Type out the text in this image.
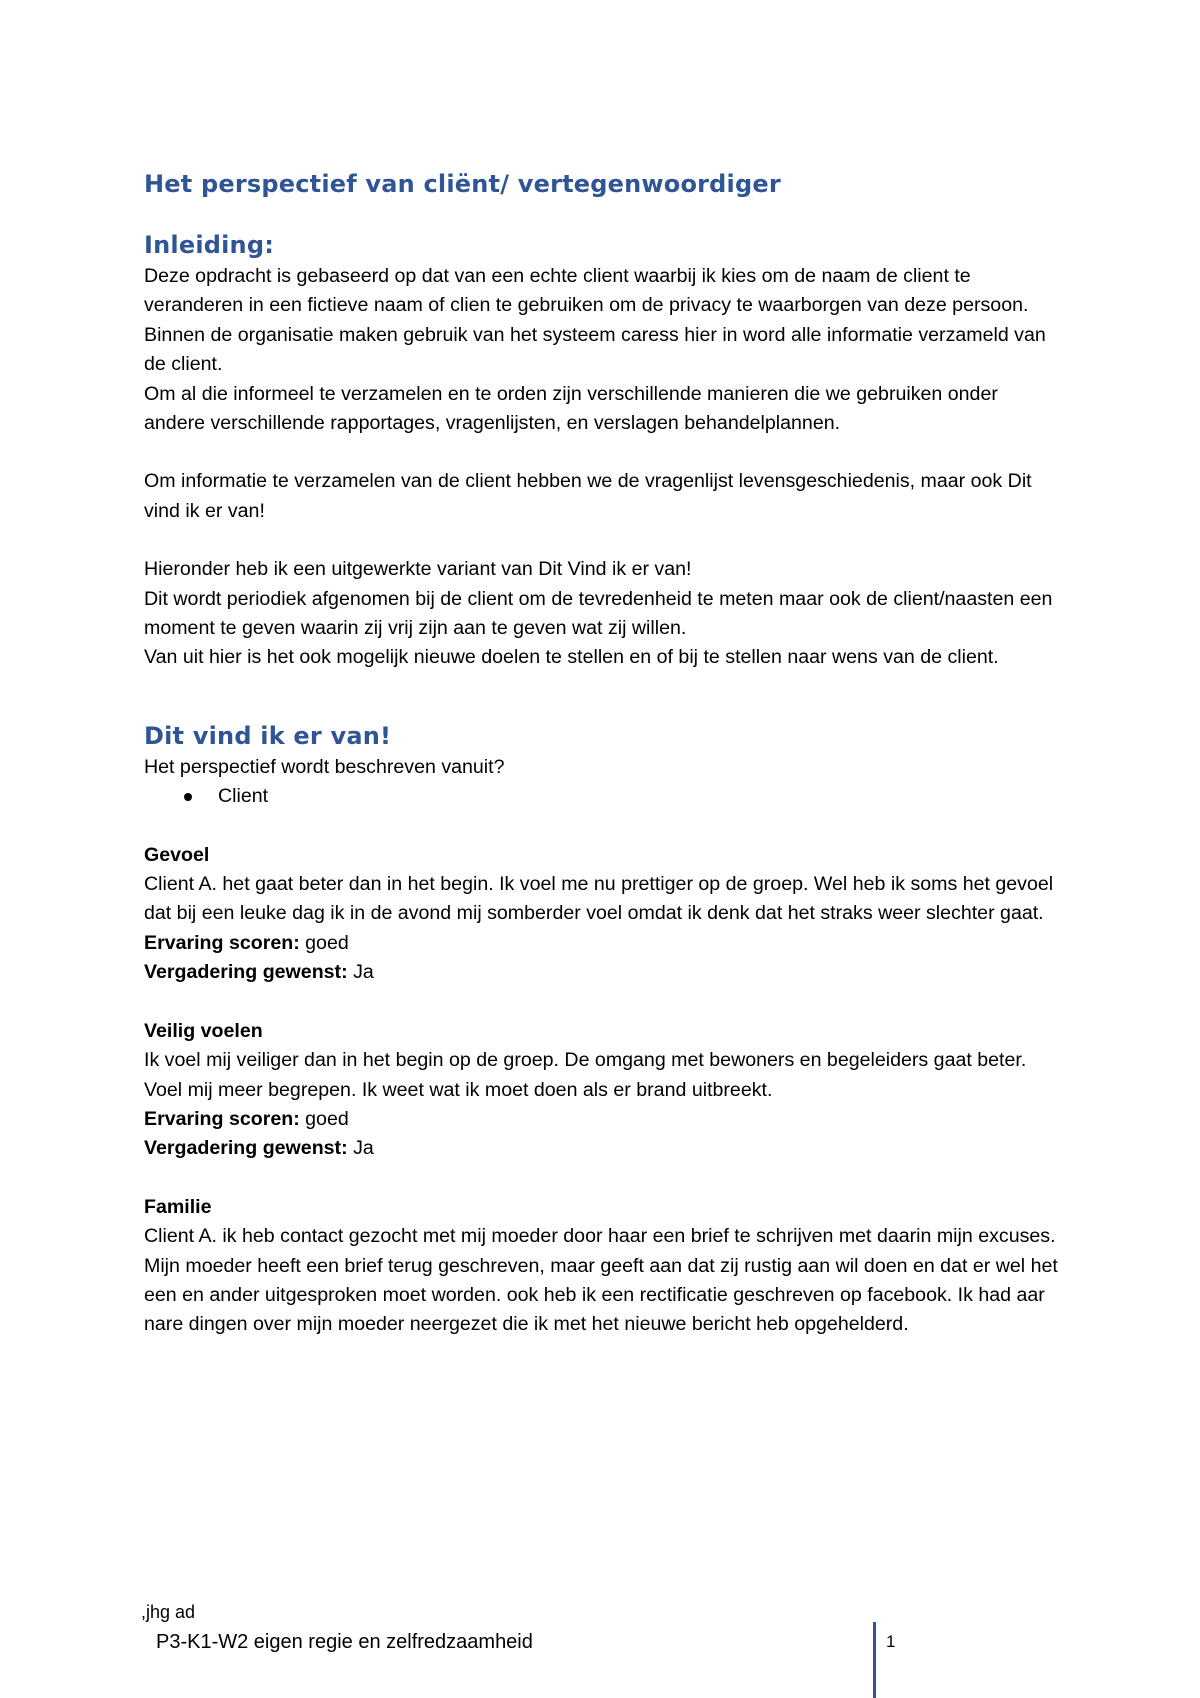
Het perspectief van cliënt/ vertegenwoordiger
Inleiding:

Deze opdracht is gebaseerd op dat van een echte client waarbij ik kies om de naam de client te veranderen in een fictieve naam of clien te gebruiken om de privacy te waarborgen van deze persoon.

Binnen de organisatie maken gebruik van het systeem caress hier in word alle informatie verzameld van de client.

Om al die informeel te verzamelen en te orden zijn verschillende manieren die we gebruiken onder andere verschillende rapportages, vragenlijsten, en verslagen behandelplannen.

Om informatie te verzamelen van de client hebben we de vragenlijst levensgeschiedenis, maar ook Dit vind ik er van!

Hieronder heb ik een uitgewerkte variant van Dit Vind ik er van!

Dit wordt periodiek afgenomen bij de client om de tevredenheid te meten maar ook de client/naasten een moment te geven waarin zij vrij zijn aan te geven wat zij willen.

Van uit hier is het ook mogelijk nieuwe doelen te stellen en of bij te stellen naar wens van de client.

Dit vind ik er van!

Het perspectief wordt beschreven vanuit?

Client

Gevoel

Client A. het gaat beter dan in het begin. Ik voel me nu prettiger op de groep. Wel heb ik soms het gevoel dat bij een leuke dag ik in de avond mij somberder voel omdat ik denk dat het straks weer slechter gaat.

Ervaring scoren: goed

Vergadering gewenst: Ja

Veilig voelen

Ik voel mij veiliger dan in het begin op de groep. De omgang met bewoners en begeleiders gaat beter. Voel mij meer begrepen. Ik weet wat ik moet doen als er brand uitbreekt.

Ervaring scoren: goed

Vergadering gewenst: Ja

Familie

Client A. ik heb contact gezocht met mij moeder door haar een brief te schrijven met daarin mijn excuses. Mijn moeder heeft een brief terug geschreven, maar geeft aan dat zij rustig aan wil doen en dat er wel het een en ander uitgesproken moet worden. ook heb ik een rectificatie geschreven op facebook. Ik had aar nare dingen over mijn moeder neergezet die ik met het nieuwe bericht heb opgehelderd.

,jhg ad
P3-K1-W2 eigen regie en zelfredzaamheid	1
